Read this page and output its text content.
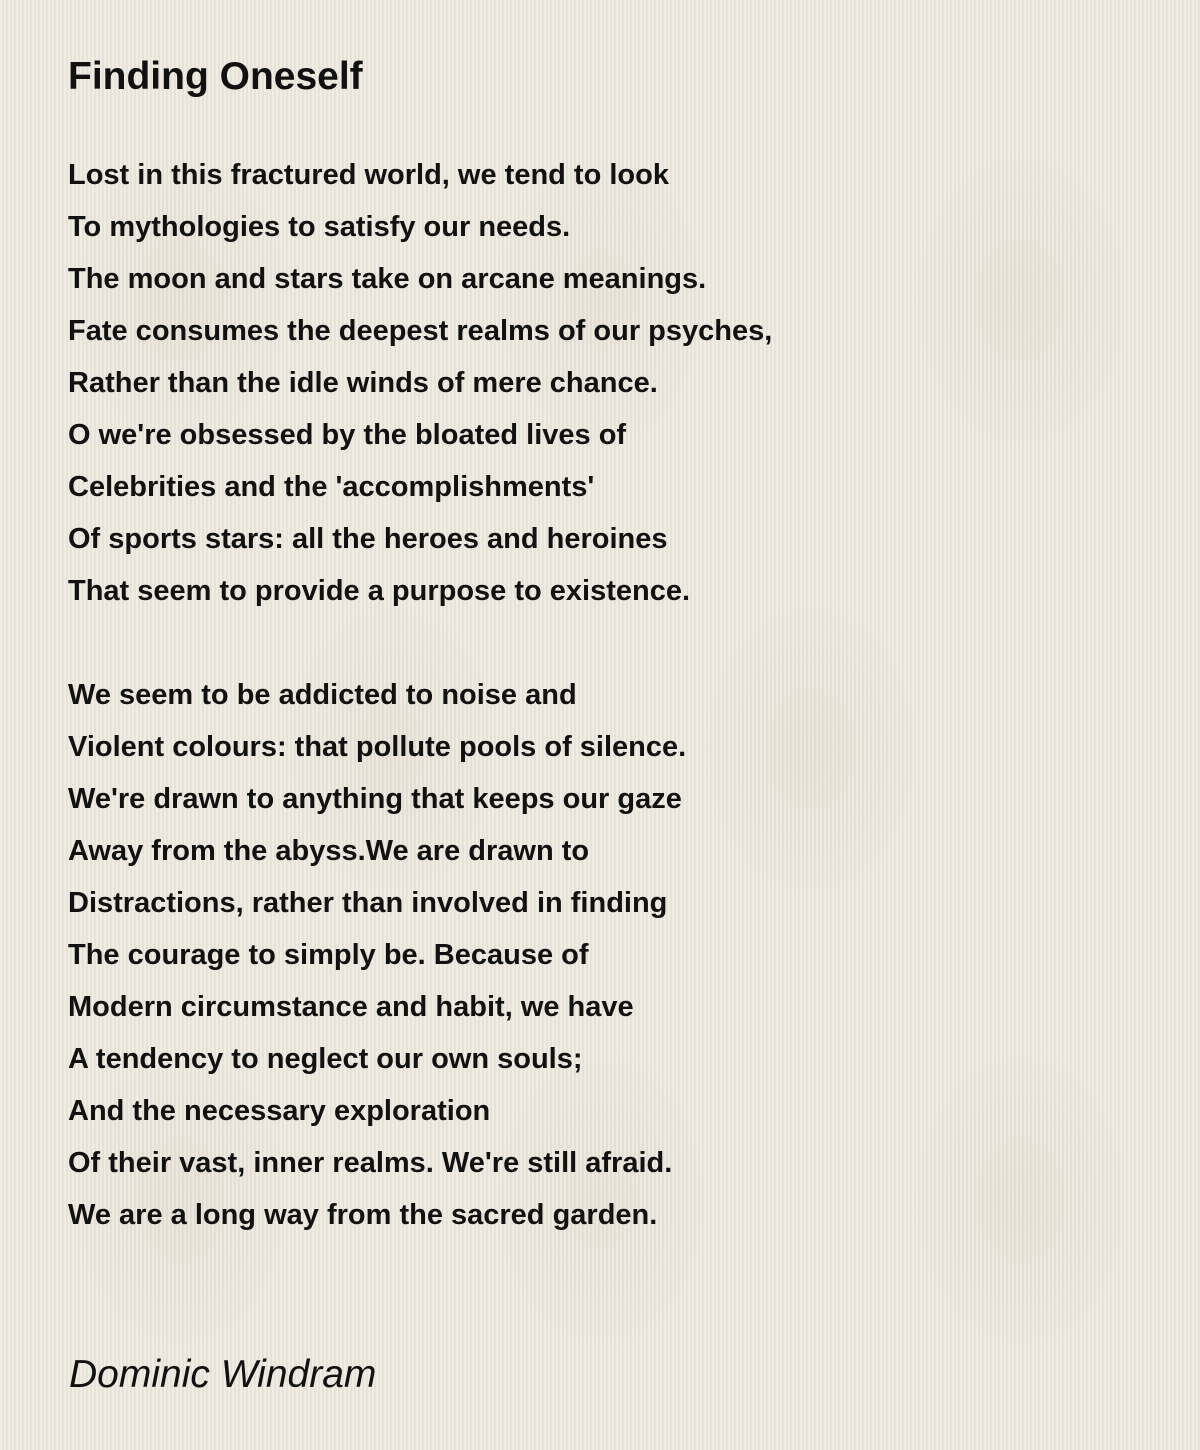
Finding Oneself

Lost in this fractured world, we tend to look
To mythologies to satisfy our needs.
The moon and stars take on arcane meanings.
Fate consumes the deepest realms of our psyches,
Rather than the idle winds of mere chance.
O we're obsessed by the bloated lives of
Celebrities and the 'accomplishments'
Of sports stars: all the heroes and heroines
That seem to provide a purpose to existence.

We seem to be addicted to noise and
Violent colours: that pollute pools of silence.
We're drawn to anything that keeps our gaze
Away from the abyss.We are drawn to
Distractions, rather than involved in finding
The courage to simply be. Because of
Modern circumstance and habit, we have
A tendency to neglect our own souls;
And the necessary exploration
Of their vast, inner realms. We're still afraid.
We are a long way from the sacred garden.

Dominic Windram
